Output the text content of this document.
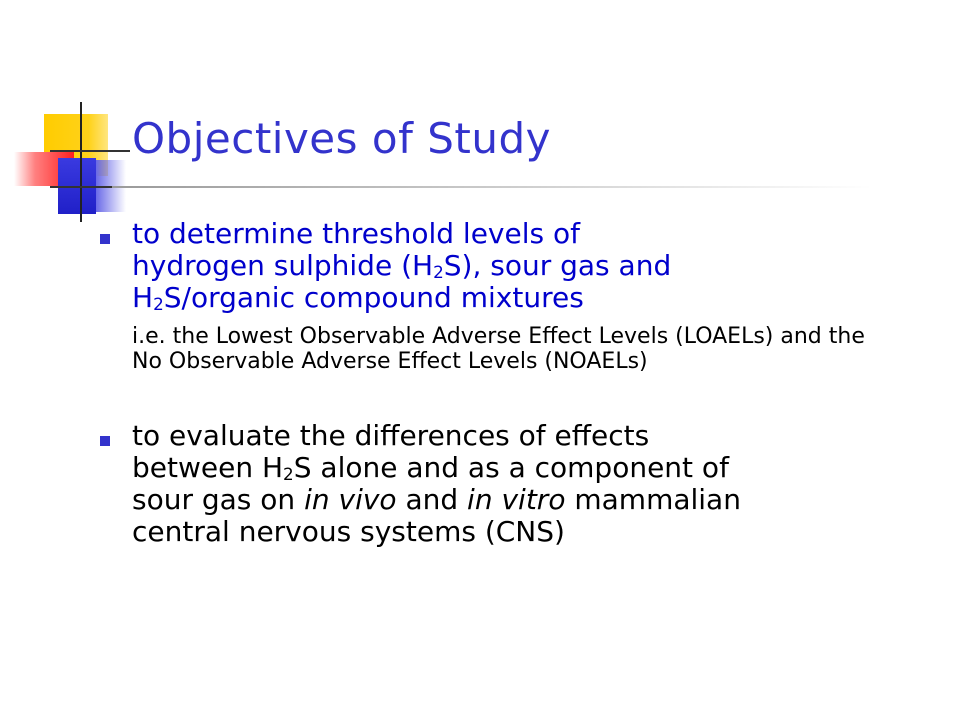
Objectives of Study
to determine threshold levels of
hydrogen sulphide $(H_2S)$, sour gas and
$H_2S$/organic compound mixtures
i.e. the Lowest Observable Adverse Effect Levels (LOAELs) and the No Observable Adverse Effect Levels (NOAELs)
to evaluate the differences of effects
between $H_2S$ alone and as a component of
sour gas on in vivo and in vitro mammalian
central nervous systems (CNS)
